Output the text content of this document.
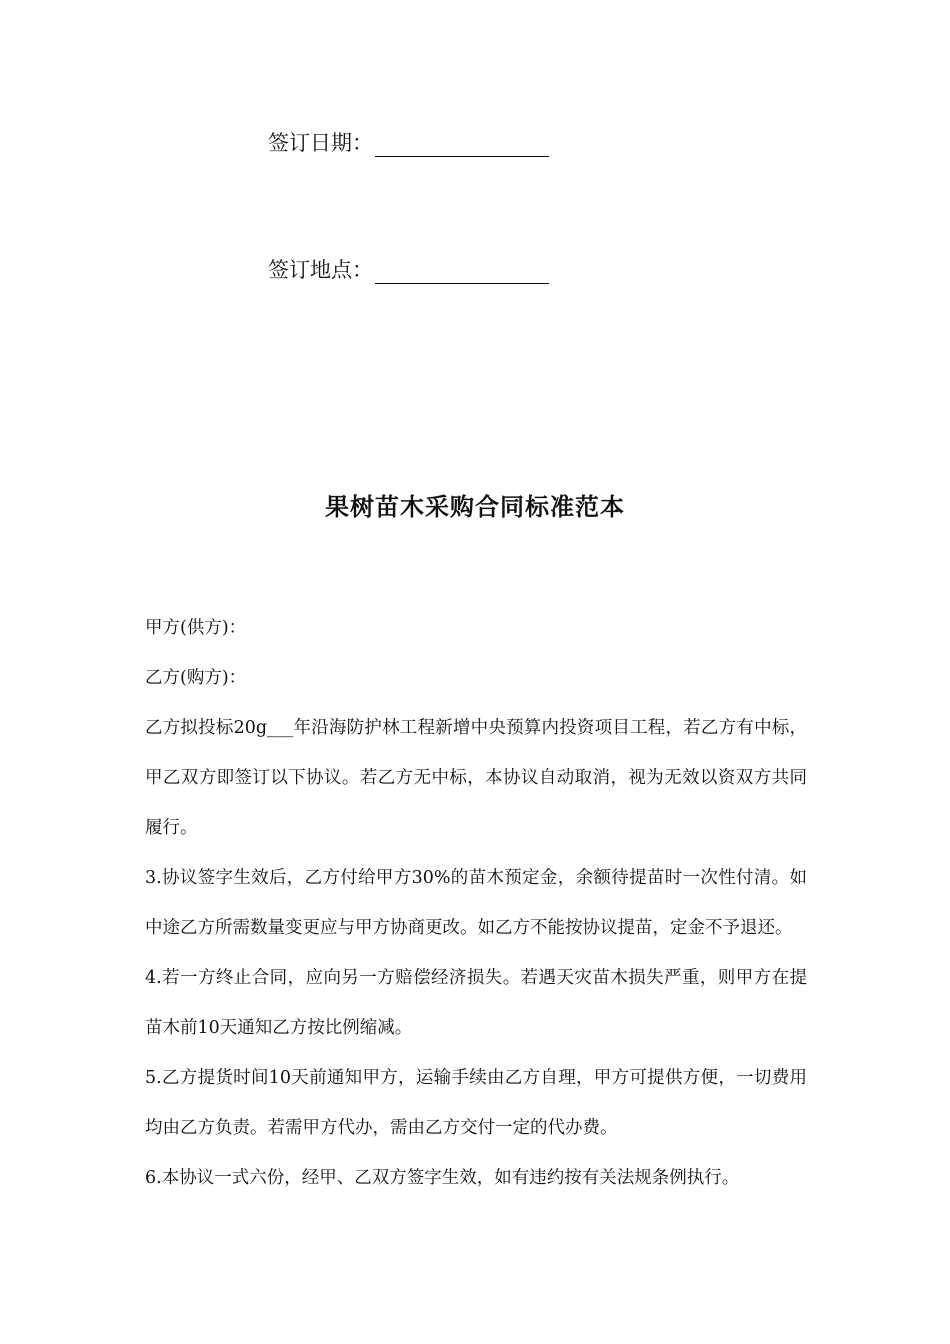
签订日期：
签订地点：
果树苗木采购合同标准范本

甲方(供方)：

乙方(购方)：

乙方拟投标20g___年沿海防护林工程新增中央预算内投资项目工程，若乙方有中标，甲乙双方即签订以下协议。若乙方无中标，本协议自动取消，视为无效以资双方共同履行。

3.协议签字生效后，乙方付给甲方30%的苗木预定金，余额待提苗时一次性付清。如中途乙方所需数量变更应与甲方协商更改。如乙方不能按协议提苗，定金不予退还。

4.若一方终止合同，应向另一方赔偿经济损失。若遇天灾苗木损失严重，则甲方在提苗木前10天通知乙方按比例缩减。

5.乙方提货时间10天前通知甲方，运输手续由乙方自理，甲方可提供方便，一切费用均由乙方负责。若需甲方代办，需由乙方交付一定的代办费。

6.本协议一式六份，经甲、乙双方签字生效，如有违约按有关法规条例执行。
